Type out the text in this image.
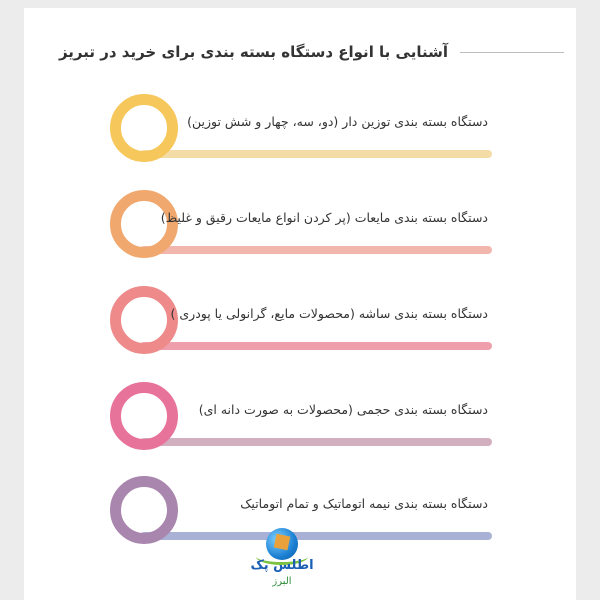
آشنایی با انواع دستگاه بسته بندی برای خرید در تبریز
دستگاه بسته بندی توزین دار (دو، سه، چهار و شش توزین)
دستگاه بسته بندی مایعات (پر کردن انواع مایعات رقیق و غلیظ)
دستگاه بسته بندی ساشه (محصولات مایع، گرانولی یا پودری )
دستگاه بسته بندی حجمی (محصولات به صورت دانه ای)
دستگاه بسته بندی نیمه اتوماتیک و تمام اتوماتیک
اطلس پک
البرز
